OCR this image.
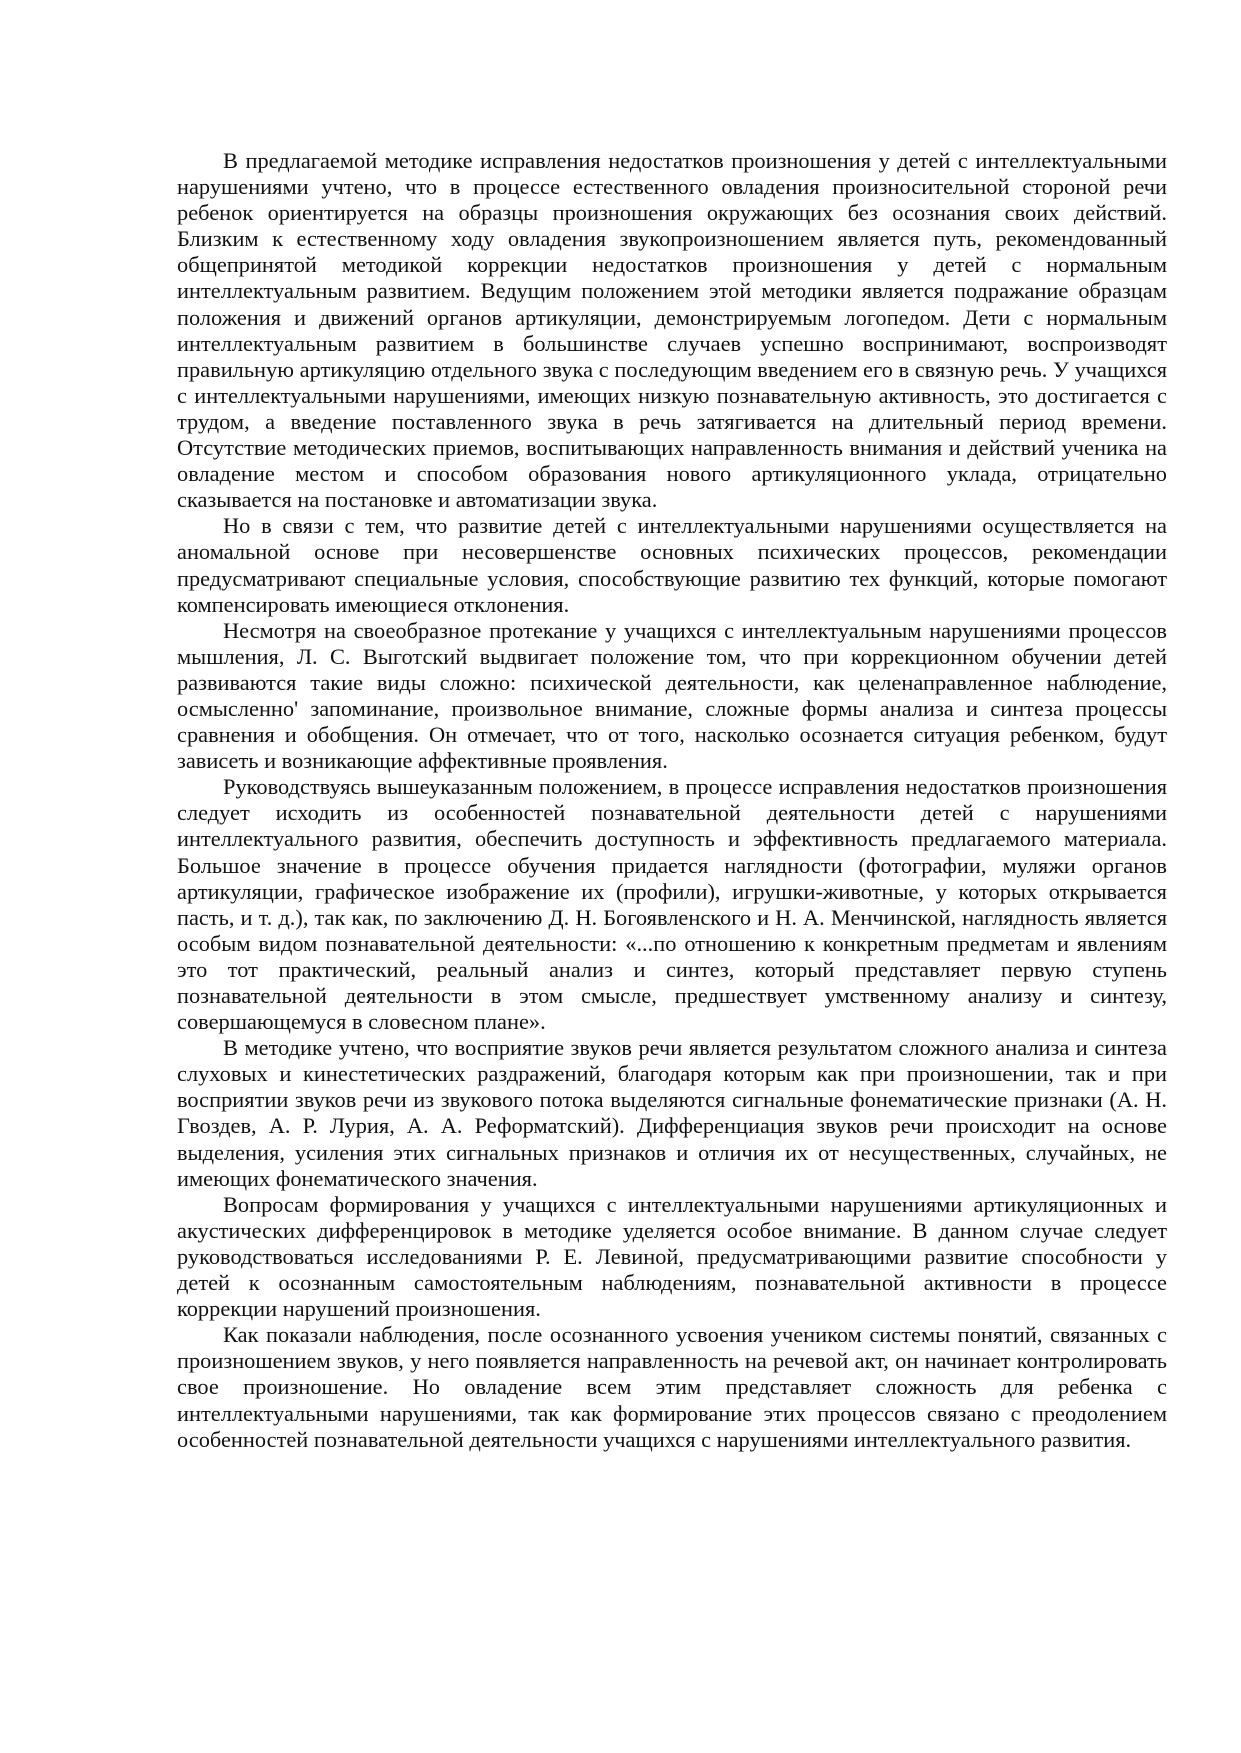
В предлагаемой методике исправления недостатков произношения у детей с интеллектуальными нарушениями учтено, что в процессе естественного овладения произносительной стороной речи ребенок ориентируется на образцы произношения окружающих без осознания своих действий. Близким к естественному ходу овладения звукопроизношением является путь, рекомендованный общепринятой методикой коррекции недостатков произношения у детей с нормальным интеллектуальным развитием. Ведущим положением этой методики является подражание образцам положения и движений органов артикуляции, демонстрируемым логопедом. Дети с нормальным интеллектуальным развитием в большинстве случаев успешно воспринимают, воспроизводят правильную артикуляцию отдельного звука с последующим введением его в связную речь. У учащихся с интеллектуальными нарушениями, имеющих низкую познавательную активность, это достигается с трудом, а введение поставленного звука в речь затягивается на длительный период времени. Отсутствие методических приемов, воспитывающих направленность внимания и действий ученика на овладение местом и способом образования нового артикуляционного уклада, отрицательно сказывается на постановке и автоматизации звука.

Но в связи с тем, что развитие детей с интеллектуальными нарушениями осуществляется на аномальной основе при несовершенстве основных психических процессов, рекомендации предусматривают специальные условия, способствующие развитию тех функций, которые помогают компенсировать имеющиеся отклонения.

Несмотря на своеобразное протекание у учащихся с интеллектуальным нарушениями процессов мышления, Л. С. Выготский выдвигает положение том, что при коррекционном обучении детей развиваются такие виды сложно: психической деятельности, как целенаправленное наблюдение, осмысленно' запоминание, произвольное внимание, сложные формы анализа и синтеза процессы сравнения и обобщения. Он отмечает, что от того, насколько осознается ситуация ребенком, будут зависеть и возникающие аффективные проявления.

Руководствуясь вышеуказанным положением, в процессе исправления недостатков произношения следует исходить из особенностей познавательной деятельности детей с нарушениями интеллектуального развития, обеспечить доступность и эффективность предлагаемого материала. Большое значение в процессе обучения придается наглядности (фотографии, муляжи органов артикуляции, графическое изображение их (профили), игрушки-животные, у которых открывается пасть, и т. д.), так как, по заключению Д. Н. Богоявленского и Н. А. Менчинской, наглядность является особым видом познавательной деятельности: «...по отношению к конкретным предметам и явлениям это тот практический, реальный анализ и синтез, который представляет первую ступень познавательной деятельности в этом смысле, предшествует умственному анализу и синтезу, совершающемуся в словесном плане».

В методике учтено, что восприятие звуков речи является результатом сложного анализа и синтеза слуховых и кинестетических раздражений, благодаря которым как при произношении, так и при восприятии звуков речи из звукового потока выделяются сигнальные фонематические признаки (А. Н. Гвоздев, А. Р. Лурия, А. А. Реформатский). Дифференциация звуков речи происходит на основе выделения, усиления этих сигнальных признаков и отличия их от несущественных, случайных, не имеющих фонематического значения.

Вопросам формирования у учащихся с интеллектуальными нарушениями артикуляционных и акустических дифференцировок в методике уделяется особое внимание. В данном случае следует руководствоваться исследованиями Р. Е. Левиной, предусматривающими развитие способности у детей к осознанным самостоятельным наблюдениям, познавательной активности в процессе коррекции нарушений произношения.

Как показали наблюдения, после осознанного усвоения учеником системы понятий, связанных с произношением звуков, у него появляется направленность на речевой акт, он начинает контролировать свое произношение. Но овладение всем этим представляет сложность для ребенка с интеллектуальными нарушениями, так как формирование этих процессов связано с преодолением особенностей познавательной деятельности учащихся с нарушениями интеллектуального развития.
